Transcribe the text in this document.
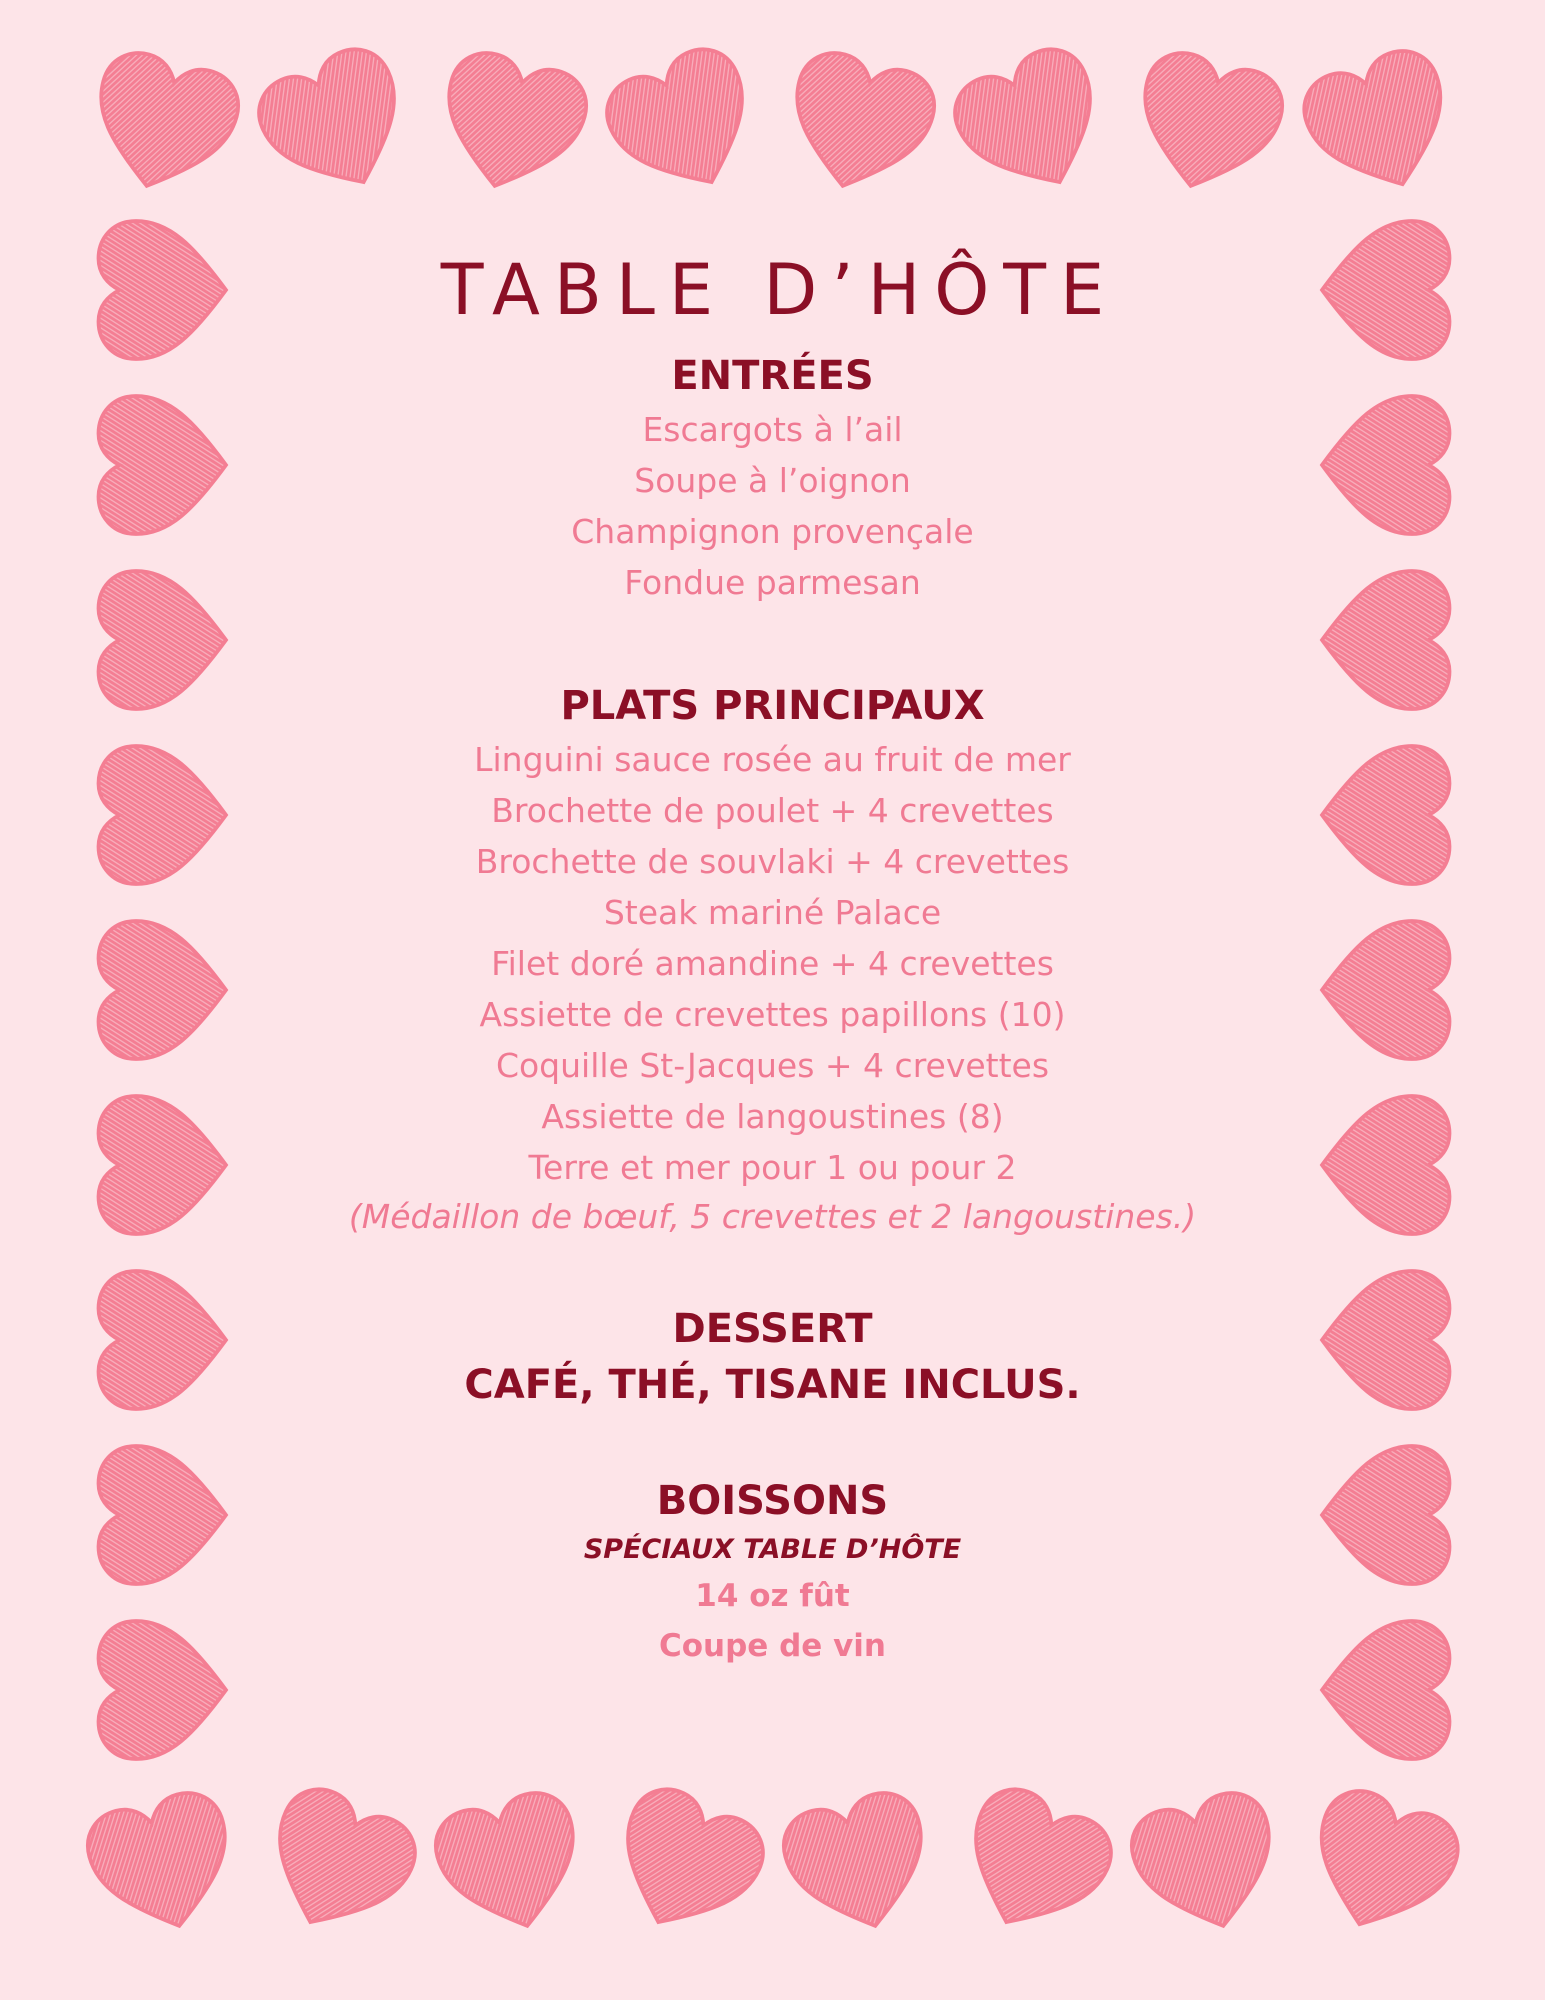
TABLE D’HÔTE
ENTRÉES

Escargots à l’ail

Soupe à l’oignon

Champignon provençale

Fondue parmesan

PLATS PRINCIPAUX

Linguini sauce rosée au fruit de mer

Brochette de poulet + 4 crevettes

Brochette de souvlaki + 4 crevettes

Steak mariné Palace

Filet doré amandine + 4 crevettes

Assiette de crevettes papillons (10)

Coquille St-Jacques + 4 crevettes

Assiette de langoustines (8)

Terre et mer pour 1 ou pour 2

(Médaillon de bœuf, 5 crevettes et 2 langoustines.)

DESSERT
CAFÉ, THÉ, TISANE INCLUS.
BOISSONS

SPÉCIAUX TABLE D’HÔTE

14 oz fût

Coupe de vin
